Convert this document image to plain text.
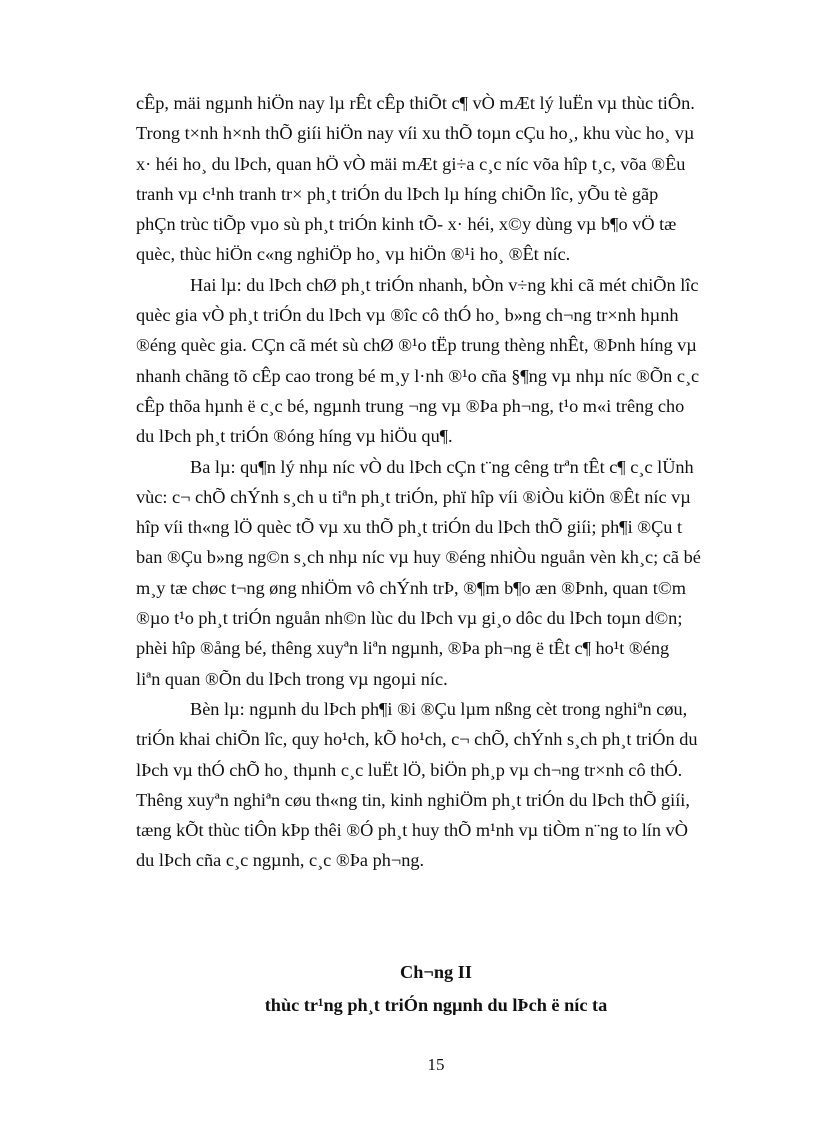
cÊp, mäi ngµnh hiÖn nay lµ rÊt cÊp thiÕt c¶ vÒ mÆt lý luËn vµ thùc tiÔn.
Trong t×nh h×nh thÕ giíi hiÖn nay víi xu thÕ toµn cÇu ho¸, khu vùc ho¸ vµ
x· héi ho¸ du lÞch, quan hÖ vÒ mäi mÆt gi÷a c¸c níc võa hîp t¸c, võa ®Êu
tranh vµ c¹nh tranh tr× ph¸t triÓn du lÞch lµ híng chiÕn lîc, yÕu tè gãp
phÇn trùc tiÕp vµo sù ph¸t triÓn kinh tÕ- x· héi, x©y dùng vµ b¶o vÖ tæ
quèc, thùc hiÖn c«ng nghiÖp ho¸ vµ hiÖn ®¹i ho¸ ®Êt níc.

Hai lµ: du lÞch chØ ph¸t triÓn nhanh, bÒn v÷ng khi cã mét chiÕn lîc
quèc gia vÒ ph¸t triÓn du lÞch vµ ®îc cô thÓ ho¸ b»ng ch¬ng tr×nh hµnh
®éng quèc gia. CÇn cã mét sù chØ ®¹o tËp trung thèng nhÊt, ®Þnh híng vµ
nhanh chãng tõ cÊp cao trong bé m¸y l·nh ®¹o cña §¶ng vµ nhµ níc ®Õn c¸c
cÊp thõa hµnh ë c¸c bé, ngµnh trung ¬ng vµ ®Þa ph¬ng, t¹o m«i trêng cho
du lÞch ph¸t triÓn ®óng híng vµ hiÖu qu¶.

Ba lµ: qu¶n lý nhµ níc vÒ du lÞch cÇn t¨ng cêng trªn tÊt c¶ c¸c lÜnh
vùc: c¬ chÕ chÝnh s¸ch u tiªn ph¸t triÓn, phï hîp víi ®iÒu kiÖn ®Êt níc vµ
hîp víi th«ng lÖ quèc tÕ vµ xu thÕ ph¸t triÓn du lÞch thÕ giíi; ph¶i ®Çu t
ban ®Çu b»ng ng©n s¸ch nhµ níc vµ huy ®éng nhiÒu nguån vèn kh¸c; cã bé
m¸y tæ chøc t¬ng øng nhiÖm vô chÝnh trÞ, ®¶m b¶o æn ®Þnh, quan t©m
®µo t¹o ph¸t triÓn nguån nh©n lùc du lÞch vµ gi¸o dôc du lÞch toµn d©n;
phèi hîp ®ång bé, thêng xuyªn liªn ngµnh, ®Þa ph¬ng ë tÊt c¶ ho¹t ®éng
liªn quan ®Õn du lÞch trong vµ ngoµi níc.

Bèn lµ: ngµnh du lÞch ph¶i ®i ®Çu lµm nßng cèt trong nghiªn cøu,
triÓn khai chiÕn lîc, quy ho¹ch, kÕ ho¹ch, c¬ chÕ, chÝnh s¸ch ph¸t triÓn du
lÞch vµ thÓ chÕ ho¸ thµnh c¸c luËt lÖ, biÖn ph¸p vµ ch¬ng tr×nh cô thÓ.
Thêng xuyªn nghiªn cøu th«ng tin, kinh nghiÖm ph¸t triÓn du lÞch thÕ giíi,
tæng kÕt thùc tiÔn kÞp thêi ®Ó ph¸t huy thÕ m¹nh vµ tiÒm n¨ng to lín vÒ
du lÞch cña c¸c ngµnh, c¸c ®Þa ph¬ng.

Ch¬ng II

thùc tr¹ng ph¸t triÓn ngµnh du lÞch ë níc ta

15
